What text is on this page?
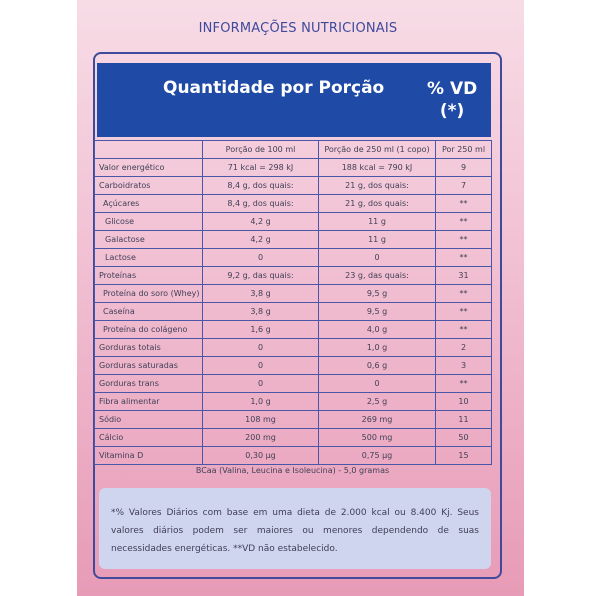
INFORMAÇÕES NUTRICIONAIS
Quantidade por Porção	% VD
(*)
	Porção de 100 ml	Porção de 250 ml (1 copo)	Por 250 ml
Valor energético	71 kcal = 298 kJ	188 kcal = 790 kJ	9
Carboidratos	8,4 g, dos quais:	21 g, dos quais:	7
Açúcares	8,4 g, dos quais:	21 g, dos quais:	**
Glicose	4,2 g	11 g	**
Galactose	4,2 g	11 g	**
Lactose	0	0	**
Proteínas	9,2 g, das quais:	23 g, das quais:	31
Proteína do soro (Whey)	3,8 g	9,5 g	**
Caseína	3,8 g	9,5 g	**
Proteína do colágeno	1,6 g	4,0 g	**
Gorduras totais	0	1,0 g	2
Gorduras saturadas	0	0,6 g	3
Gorduras trans	0	0	**
Fibra alimentar	1,0 g	2,5 g	10
Sódio	108 mg	269 mg	11
Cálcio	200 mg	500 mg	50
Vitamina D	0,30 µg	0,75 µg	15
BCaa (Valina, Leucina e Isoleucina) - 5,0 gramas
*% Valores Diários com base em uma dieta de 2.000 kcal ou 8.400 Kj. Seus valores diários podem ser maiores ou menores dependendo de suas necessidades energéticas. **VD não estabelecido.
